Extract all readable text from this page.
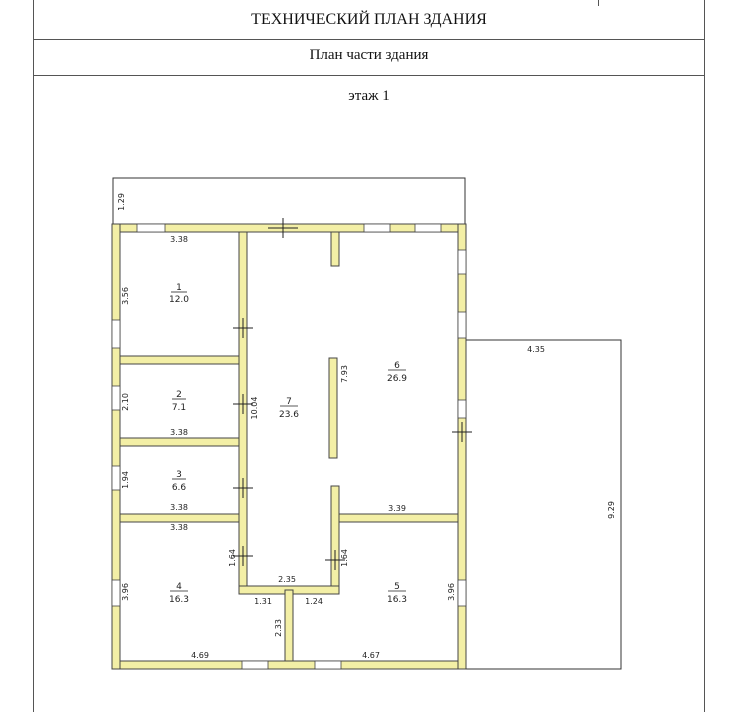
ТЕХНИЧЕСКИЙ ПЛАН ЗДАНИЯ
План части здания
этаж 1
1
12.0
2
7.1
3
6.6
4
16.3
5
16.3
6
26.9
7
23.6
3.38
3.38
3.38
3.38
4.69	4.67
3.39
2.35
1.31	1.24
4.35
1.29
3.56
2.10
1.94
3.96
10.04
7.93
1.64	1.64
2.33
3.96
9.29
